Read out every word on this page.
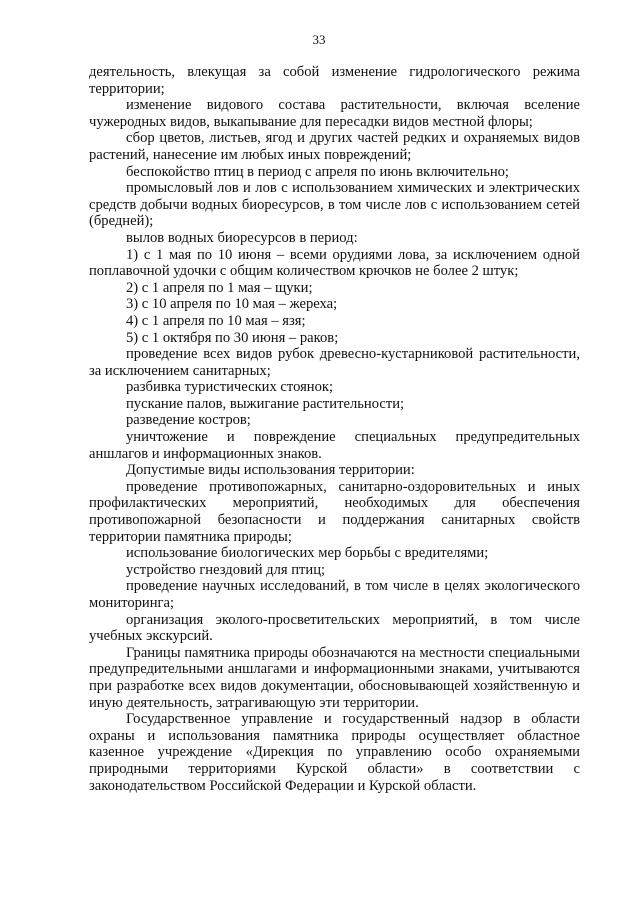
33

деятельность, влекущая за собой изменение гидрологического режима территории;

изменение видового состава растительности, включая вселение чужеродных видов, выкапывание для пересадки видов местной флоры;

сбор цветов, листьев, ягод и других частей редких и охраняемых видов растений, нанесение им любых иных повреждений;

беспокойство птиц в период с апреля по июнь включительно;

промысловый лов и лов с использованием химических и электрических средств добычи водных биоресурсов, в том числе лов с использованием сетей (бредней);

вылов водных биоресурсов в период:

1) с 1 мая по 10 июня – всеми орудиями лова, за исключением одной поплавочной удочки с общим количеством крючков не более 2 штук;

2) с 1 апреля по 1 мая – щуки;

3) с 10 апреля по 10 мая – жереха;

4) с 1 апреля по 10 мая – язя;

5) с 1 октября по 30 июня – раков;

проведение всех видов рубок древесно-кустарниковой растительности, за исключением санитарных;

разбивка туристических стоянок;

пускание палов, выжигание растительности;

разведение костров;

уничтожение и повреждение специальных предупредительных аншлагов и информационных знаков.

Допустимые виды использования территории:

проведение противопожарных, санитарно-оздоровительных и иных профилактических мероприятий, необходимых для обеспечения противопожарной безопасности и поддержания санитарных свойств территории памятника природы;

использование биологических мер борьбы с вредителями;

устройство гнездовий для птиц;

проведение научных исследований, в том числе в целях экологического мониторинга;

организация эколого-просветительских мероприятий, в том числе учебных экскурсий.

Границы памятника природы обозначаются на местности специальными предупредительными аншлагами и информационными знаками, учитываются при разработке всех видов документации, обосновывающей хозяйственную и иную деятельность, затрагивающую эти территории.

Государственное управление и государственный надзор в области охраны и использования памятника природы осуществляет областное казенное учреждение «Дирекция по управлению особо охраняемыми природными территориями Курской области» в соответствии с законодательством Российской Федерации и Курской области.
